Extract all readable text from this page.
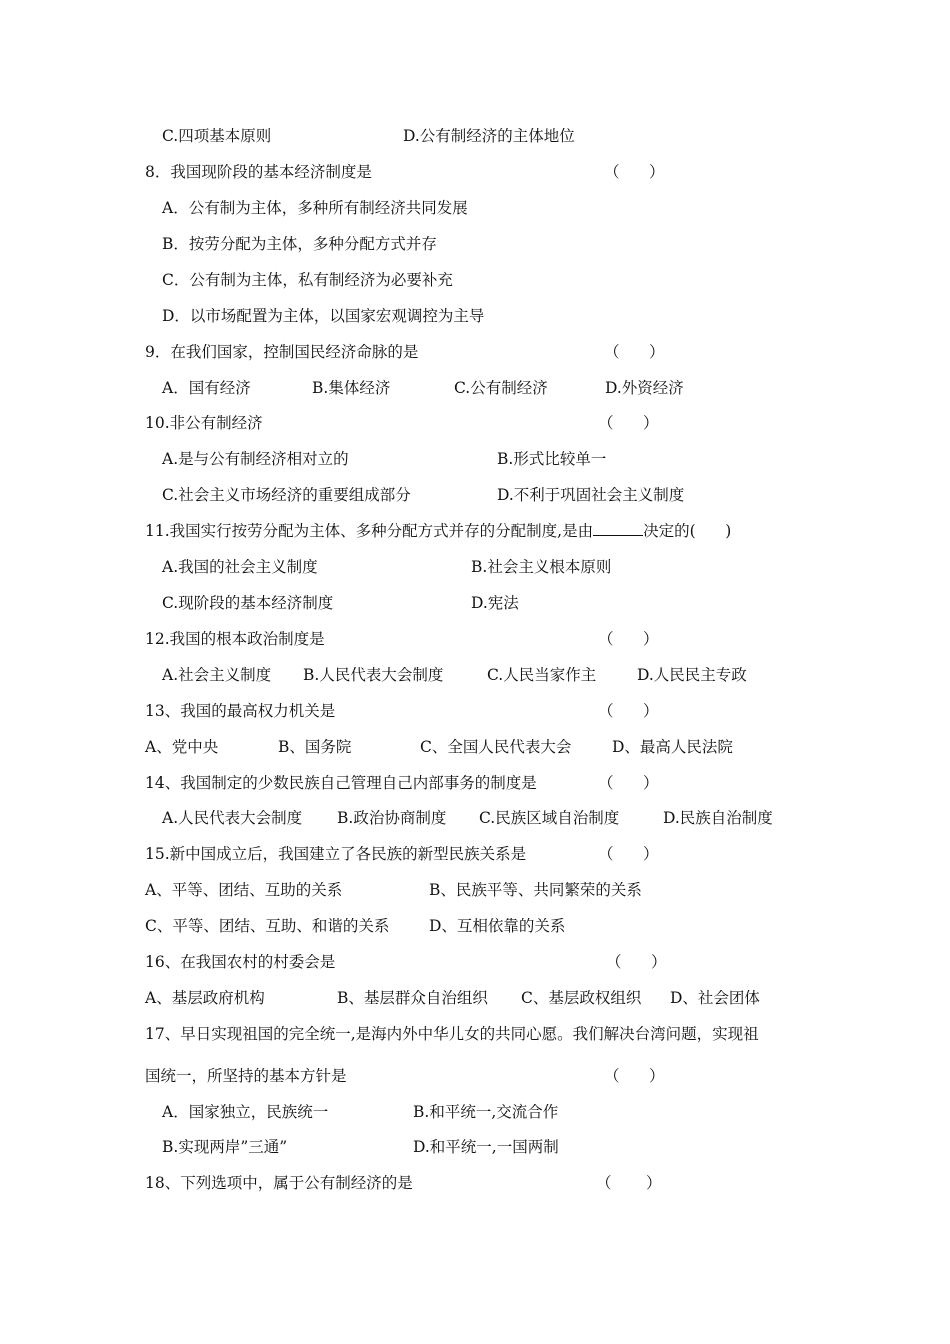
C.四项基本原则	D.公有制经济的主体地位
8．我国现阶段的基本经济制度是	（      ）
A．公有制为主体，多种所有制经济共同发展
B．按劳分配为主体，多种分配方式并存
C．公有制为主体，私有制经济为必要补充
D．以市场配置为主体，以国家宏观调控为主导
9．在我们国家，控制国民经济命脉的是	（      ）
A．国有经济	B.集体经济	C.公有制经济	D.外资经济
10.非公有制经济	（      ）
A.是与公有制经济相对立的	B.形式比较单一
C.社会主义市场经济的重要组成部分	D.不利于巩固社会主义制度
11.我国实行按劳分配为主体、多种分配方式并存的分配制度,是由	决定的(      )
A.我国的社会主义制度	B.社会主义根本原则
C.现阶段的基本经济制度	D.宪法
12.我国的根本政治制度是	（      ）
A.社会主义制度 B.人民代表大会制度	C.人民当家作主	D.人民民主专政
13、我国的最高权力机关是	（      ）
A、党中央	B、国务院	C、全国人民代表大会	D、最高人民法院
14、我国制定的少数民族自己管理自己内部事务的制度是	（      ）
A.人民代表大会制度 B.政治协商制度 C.民族区域自治制度	D.民族自治制度
15.新中国成立后，我国建立了各民族的新型民族关系是	（      ）
A、平等、团结、互助的关系	B、民族平等、共同繁荣的关系
C、平等、团结、互助、和谐的关系	D、互相依靠的关系
16、在我国农村的村委会是	（      ）
A、基层政府机构	B、基层群众自治组织 C、基层政权组织 D、社会团体
17、早日实现祖国的完全统一,是海内外中华儿女的共同心愿。我们解决台湾问题，实现祖
国统一，所坚持的基本方针是	（      ）
A．国家独立，民族统一	B.和平统一,交流合作
B.实现两岸”三通”	D.和平统一,一国两制
18、下列选项中，属于公有制经济的是	（       ）
